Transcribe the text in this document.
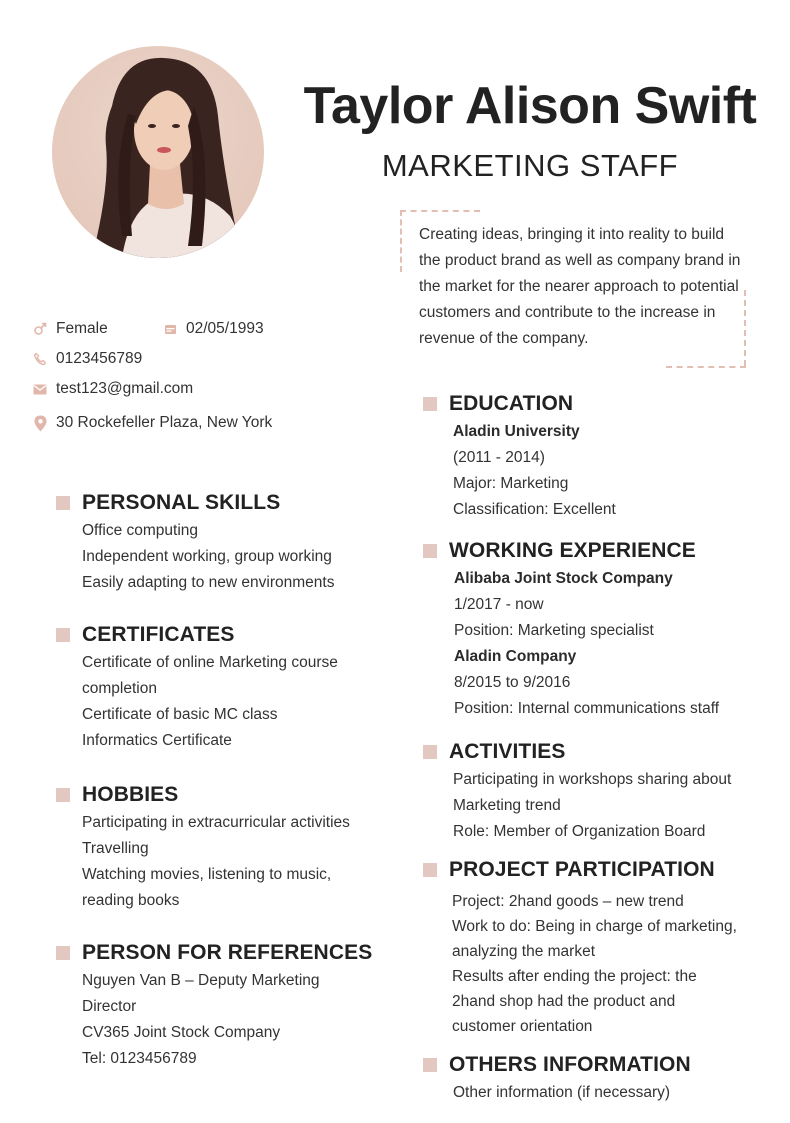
Taylor Alison Swift
MARKETING STAFF
Creating ideas, bringing it into reality to build the product brand as well as company brand in the market for the nearer approach to potential customers and contribute to the increase in revenue of the company.
Female	02/05/1993
0123456789
test123@gmail.com
30 Rockefeller Plaza, New York
PERSONAL SKILLS
Office computing
Independent working, group working
Easily adapting to new environments
CERTIFICATES
Certificate of online Marketing course completion
Certificate of basic MC class
Informatics Certificate
HOBBIES
Participating in extracurricular activities
Travelling
Watching movies, listening to music, reading books
PERSON FOR REFERENCES
Nguyen Van B – Deputy Marketing Director
CV365 Joint Stock Company
Tel: 0123456789
EDUCATION
Aladin University
(2011 - 2014)
Major: Marketing
Classification: Excellent
WORKING EXPERIENCE
Alibaba Joint Stock Company
1/2017 - now
Position: Marketing specialist
Aladin Company
8/2015 to 9/2016
Position: Internal communications staff
ACTIVITIES
Participating in workshops sharing about Marketing trend
Role: Member of Organization Board
PROJECT PARTICIPATION
Project: 2hand goods – new trend
Work to do: Being in charge of marketing, analyzing the market
Results after ending the project: the 2hand shop had the product and customer orientation
OTHERS INFORMATION
Other information (if necessary)
